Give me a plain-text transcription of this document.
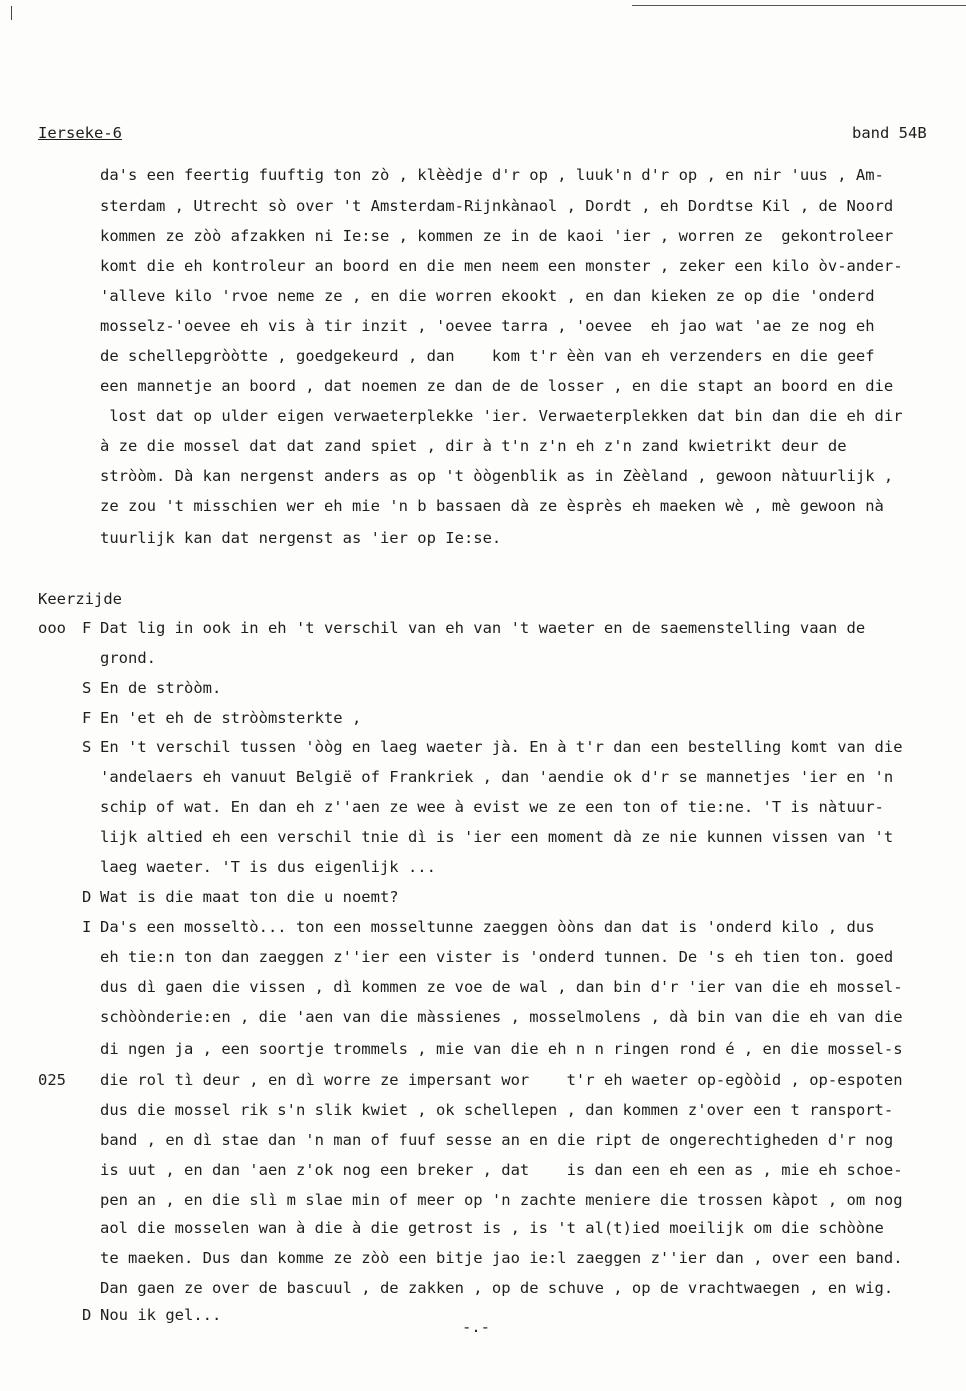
Ierseke-6	band 54B
da's een feertig fuuftig ton zò , klèèdje d'r op , luuk'n d'r op , en nir 'uus , Am-
sterdam , Utrecht sò over 't Amsterdam-Rijnkànaol , Dordt , eh Dordtse Kil , de Noord
kommen ze zòò afzakken ni Ie:se , kommen ze in de kaoi 'ier , worren ze  gekontroleer
komt die eh kontroleur an boord en die men neem een monster , zeker een kilo òv-ander-
'alleve kilo 'rvoe neme ze , en die worren ekookt , en dan kieken ze op die 'onderd
mosselz-'oevee eh vis à tir inzit , 'oevee tarra , 'oevee  eh jao wat 'ae ze nog eh
de schellepgròòtte , goedgekeurd , dan    kom t'r èèn van eh verzenders en die geef
een mannetje an boord , dat noemen ze dan de de losser , en die stapt an boord en die
lost dat op ulder eigen verwaeterplekke 'ier. Verwaeterplekken dat bin dan die eh dir
à ze die mossel dat dat zand spiet , dir à t'n z'n eh z'n zand kwietrikt deur de
stròòm. Dà kan nergenst anders as op 't òògenblik as in Zèèland , gewoon nàtuurlijk ,
ze zou 't misschien wer eh mie 'n b bassaen dà ze èsprès eh maeken wè , mè gewoon nà
tuurlijk kan dat nergenst as 'ier op Ie:se.
Keerzijde
ooo
025
F Dat lig in ook in eh 't verschil van eh van 't waeter en de saemenstelling vaan de
grond.
S En de stròòm.
F En 'et eh de stròòmsterkte ,
S En 't verschil tussen 'òòg en laeg waeter jà. En à t'r dan een bestelling komt van die
'andelaers eh vanuut België of Frankriek , dan 'aendie ok d'r se mannetjes 'ier en 'n
schip of wat. En dan eh z''aen ze wee à evist we ze een ton of tie:ne. 'T is nàtuur-
lijk altied eh een verschil tnie dì is 'ier een moment dà ze nie kunnen vissen van 't
laeg waeter. 'T is dus eigenlijk ...
D Wat is die maat ton die u noemt?
I Da's een mosseltò... ton een mosseltunne zaeggen òòns dan dat is 'onderd kilo , dus
eh tie:n ton dan zaeggen z''ier een vister is 'onderd tunnen. De 's eh tien ton. goed
dus dì gaen die vissen , dì kommen ze voe de wal , dan bin d'r 'ier van die eh mossel-
schòònderie:en , die 'aen van die màssienes , mosselmolens , dà bin van die eh van die
di ngen ja , een soortje trommels , mie van die eh n n ringen rond é , en die mossel-s
die rol tì deur , en dì worre ze impersant wor    t'r eh waeter op-egòòid , op-espoten
dus die mossel rik s'n slik kwiet , ok schellepen , dan kommen z'over een t ransport-
band , en dì stae dan 'n man of fuuf sesse an en die ript de ongerechtigheden d'r nog
is uut , en dan 'aen z'ok nog een breker , dat    is dan een eh een as , mie eh schoe-
pen an , en die slì m slae min of meer op 'n zachte meniere die trossen kàpot , om nog
aol die mosselen wan à die à die getrost is , is 't al(t)ied moeilijk om die schòòne
te maeken. Dus dan komme ze zòò een bitje jao ie:l zaeggen z''ier dan , over een band.
Dan gaen ze over de bascuul , de zakken , op de schuve , op de vrachtwaegen , en wig.
D Nou ik gel...
-.-
